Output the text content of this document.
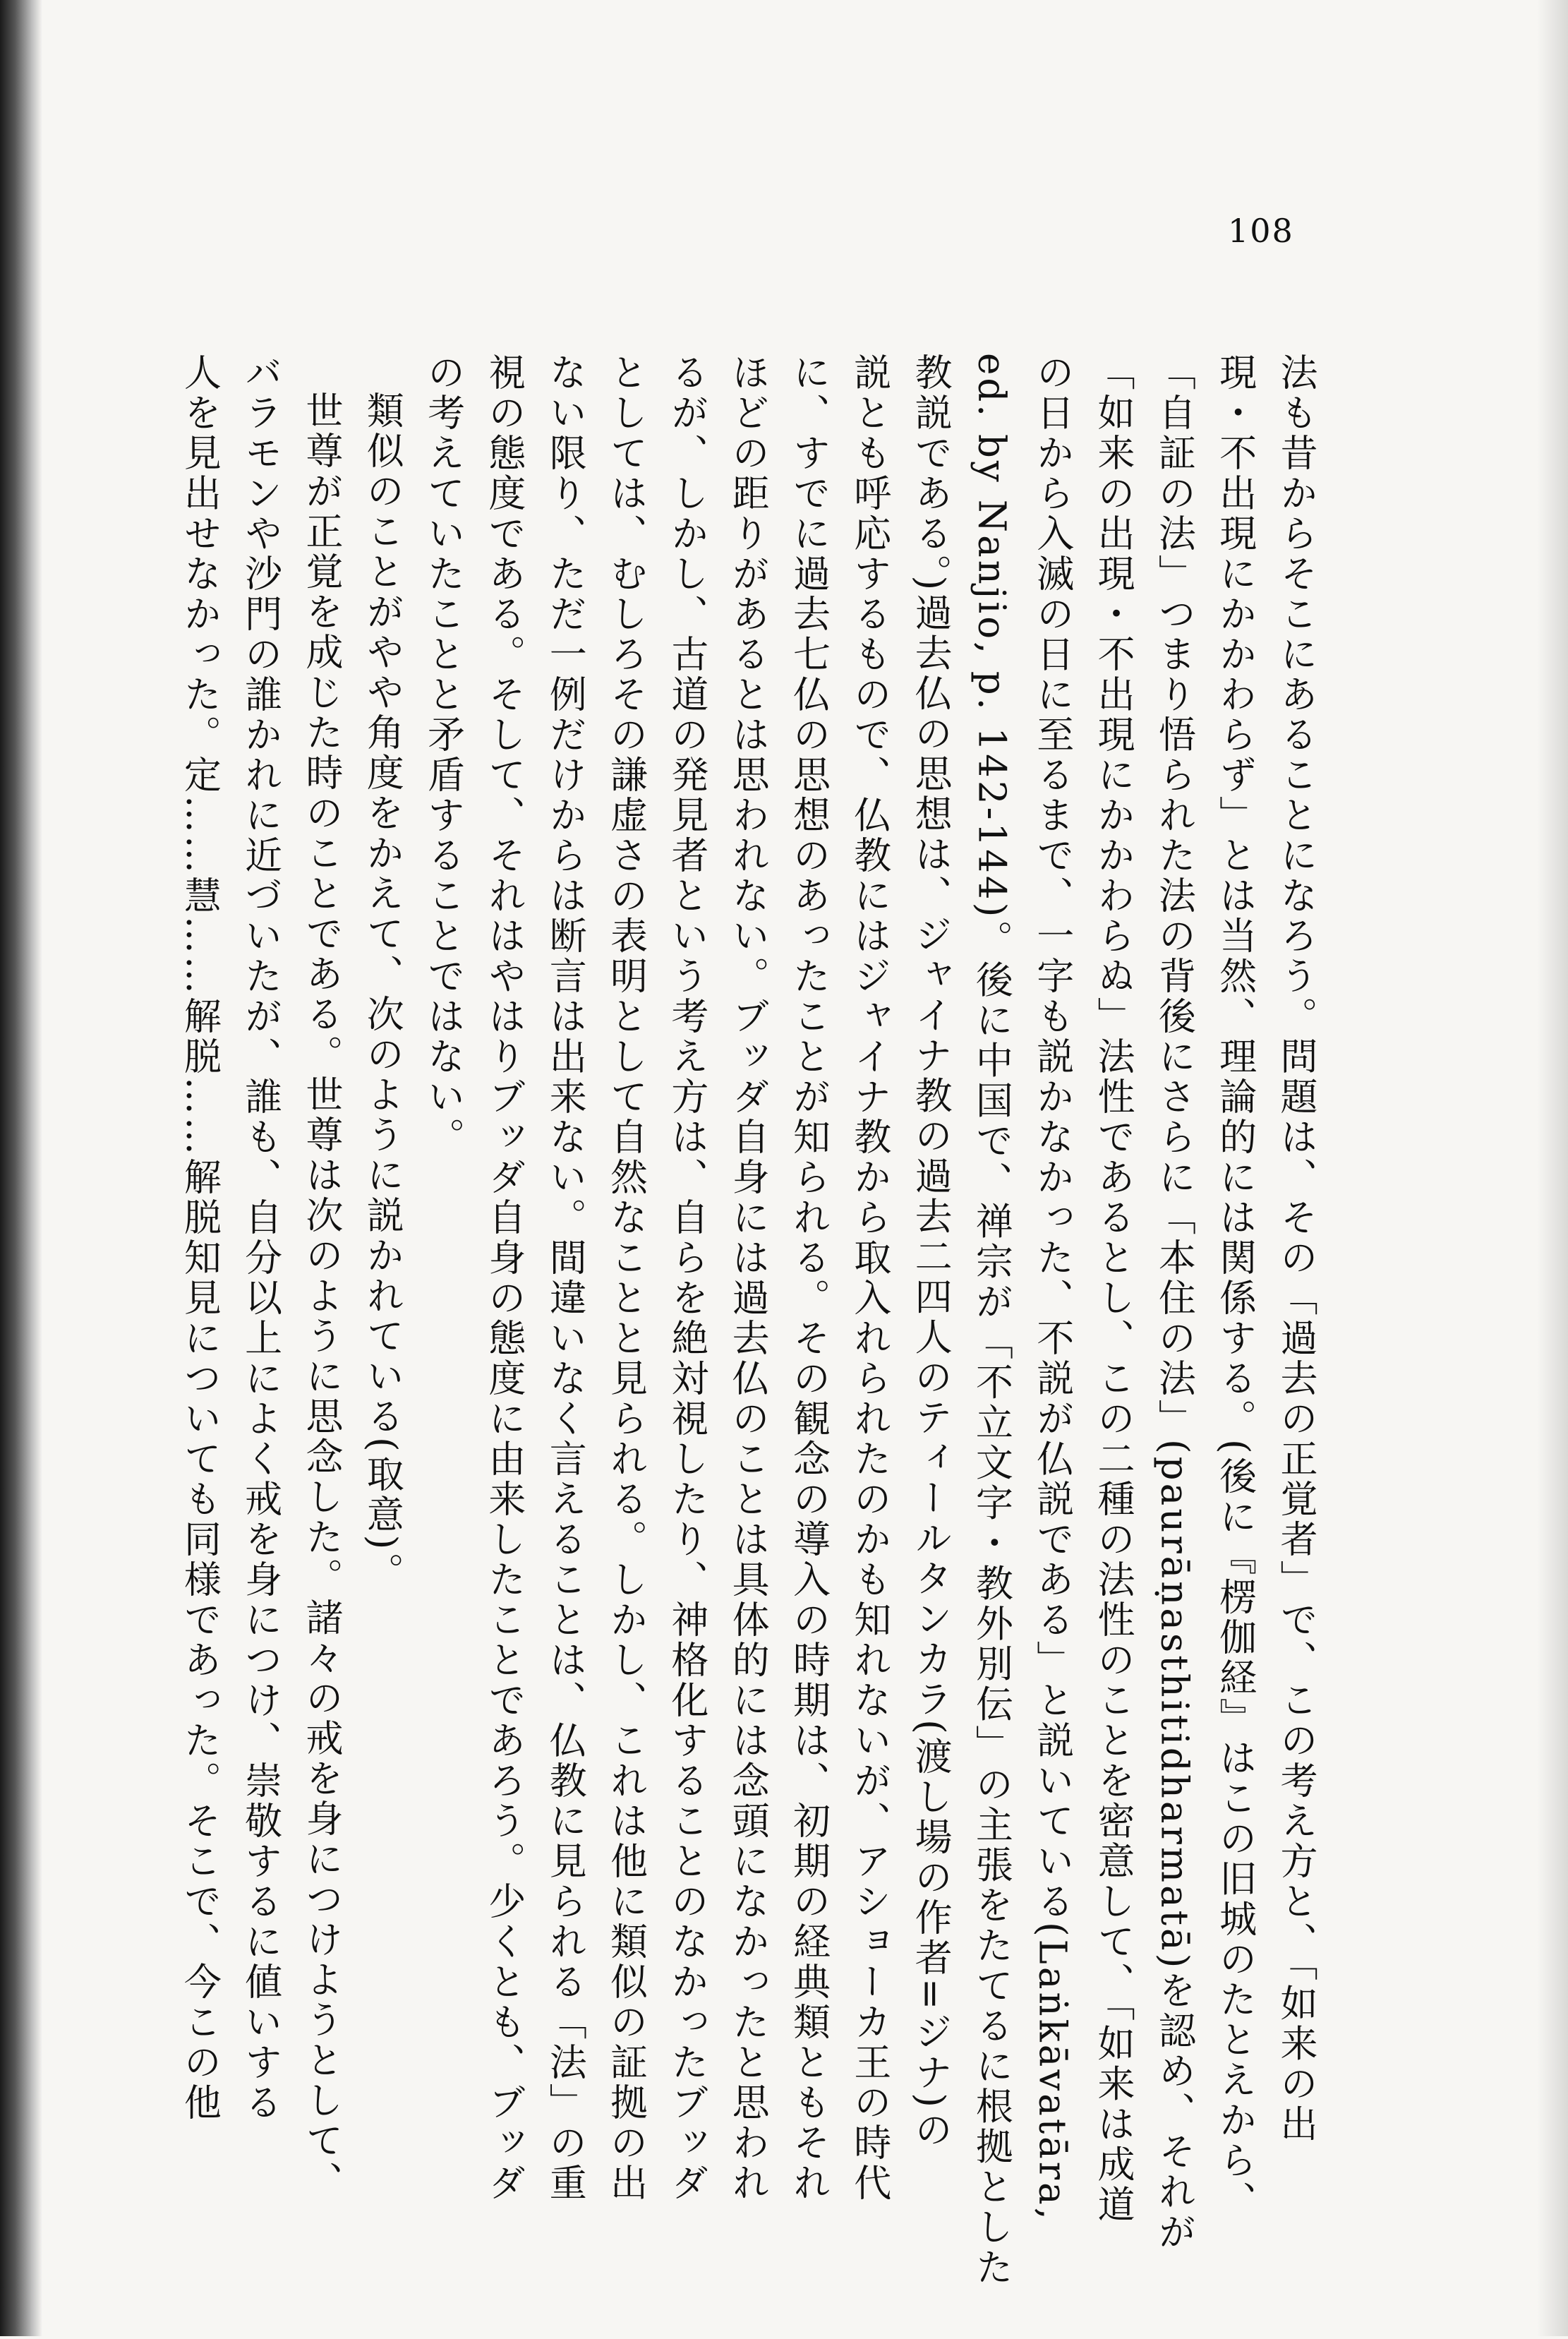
108
法も昔からそこにあることになろう。問題は、その「過去の正覚者」で、この考え方と、「如来の出
現・不出現にかかわらず」とは当然、理論的には関係する。(後に『楞伽経』はこの旧城のたとえから、
「自証の法」つまり悟られた法の背後にさらに「本住の法」(paurāṇasthitidharmatā)を認め、それが
「如来の出現・不出現にかかわらぬ」法性であるとし、この二種の法性のことを密意して、「如来は成道
の日から入滅の日に至るまで、一字も説かなかった、不説が仏説である」と説いている(Laṅkāvatāra,
ed. by Nanjio, p. 142-144)。後に中国で、禅宗が「不立文字・教外別伝」の主張をたてるに根拠とした
教説である。)過去仏の思想は、ジャイナ教の過去二四人のティールタンカラ(渡し場の作者=ジナ)の
説とも呼応するもので、仏教にはジャイナ教から取入れられたのかも知れないが、アショーカ王の時代
に、すでに過去七仏の思想のあったことが知られる。その観念の導入の時期は、初期の経典類ともそれ
ほどの距りがあるとは思われない。ブッダ自身には過去仏のことは具体的には念頭になかったと思われ
るが、しかし、古道の発見者という考え方は、自らを絶対視したり、神格化することのなかったブッダ
としては、むしろその謙虚さの表明として自然なことと見られる。しかし、これは他に類似の証拠の出
ない限り、ただ一例だけからは断言は出来ない。間違いなく言えることは、仏教に見られる「法」の重
視の態度である。そして、それはやはりブッダ自身の態度に由来したことであろう。少くとも、ブッダ
の考えていたことと矛盾することではない。
類似のことがやや角度をかえて、次のように説かれている(取意)。
世尊が正覚を成じた時のことである。世尊は次のように思念した。諸々の戒を身につけようとして、
バラモンや沙門の誰かれに近づいたが、誰も、自分以上によく戒を身につけ、崇敬するに値いする
人を見出せなかった。定……慧……解脱……解脱知見についても同様であった。そこで、今この他
